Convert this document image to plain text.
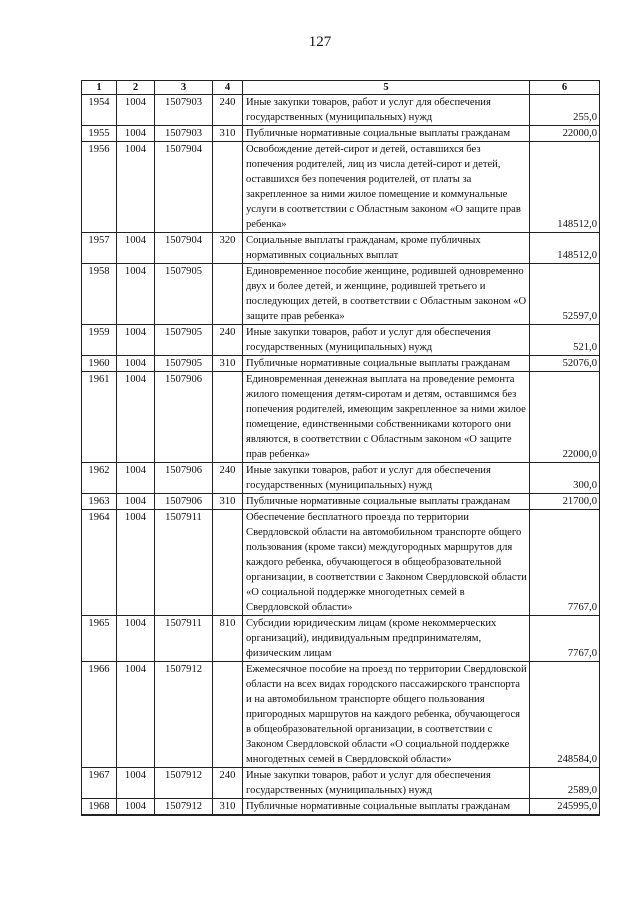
127
1	2	3	4	5	6
1954	1004	1507903	240	Иные закупки товаров, работ и услуг для обеспечения государственных (муниципальных) нужд	255,0
1955	1004	1507903	310	Публичные нормативные социальные выплаты гражданам	22000,0
1956	1004	1507904		Освобождение детей-сирот и детей, оставшихся без попечения родителей, лиц из числа детей-сирот и детей, оставшихся без попечения родителей, от платы за закрепленное за ними жилое помещение и коммунальные услуги в соответствии с Областным законом «О защите прав ребенка»	148512,0
1957	1004	1507904	320	Социальные выплаты гражданам, кроме публичных нормативных социальных выплат	148512,0
1958	1004	1507905		Единовременное пособие женщине, родившей одновременно двух и более детей, и женщине, родившей третьего и последующих детей, в соответствии с Областным законом «О защите прав ребенка»	52597,0
1959	1004	1507905	240	Иные закупки товаров, работ и услуг для обеспечения государственных (муниципальных) нужд	521,0
1960	1004	1507905	310	Публичные нормативные социальные выплаты гражданам	52076,0
1961	1004	1507906		Единовременная денежная выплата на проведение ремонта жилого помещения детям-сиротам и детям, оставшимся без попечения родителей, имеющим закрепленное за ними жилое помещение, единственными собственниками которого они являются, в соответствии с Областным законом «О защите прав ребенка»	22000,0
1962	1004	1507906	240	Иные закупки товаров, работ и услуг для обеспечения государственных (муниципальных) нужд	300,0
1963	1004	1507906	310	Публичные нормативные социальные выплаты гражданам	21700,0
1964	1004	1507911		Обеспечение бесплатного проезда по территории Свердловской области на автомобильном транспорте общего пользования (кроме такси) междугородных маршрутов для каждого ребенка, обучающегося в общеобразовательной организации, в соответствии с Законом Свердловской области «О социальной поддержке многодетных семей в Свердловской области»	7767,0
1965	1004	1507911	810	Субсидии юридическим лицам (кроме некоммерческих организаций), индивидуальным предпринимателям, физическим лицам	7767,0
1966	1004	1507912		Ежемесячное пособие на проезд по территории Свердловской области на всех видах городского пассажирского транспорта и на автомобильном транспорте общего пользования пригородных маршрутов на каждого ребенка, обучающегося в общеобразовательной организации, в соответствии с Законом Свердловской области «О социальной поддержке многодетных семей в Свердловской области»	248584,0
1967	1004	1507912	240	Иные закупки товаров, работ и услуг для обеспечения государственных (муниципальных) нужд	2589,0
1968	1004	1507912	310	Публичные нормативные социальные выплаты гражданам	245995,0
